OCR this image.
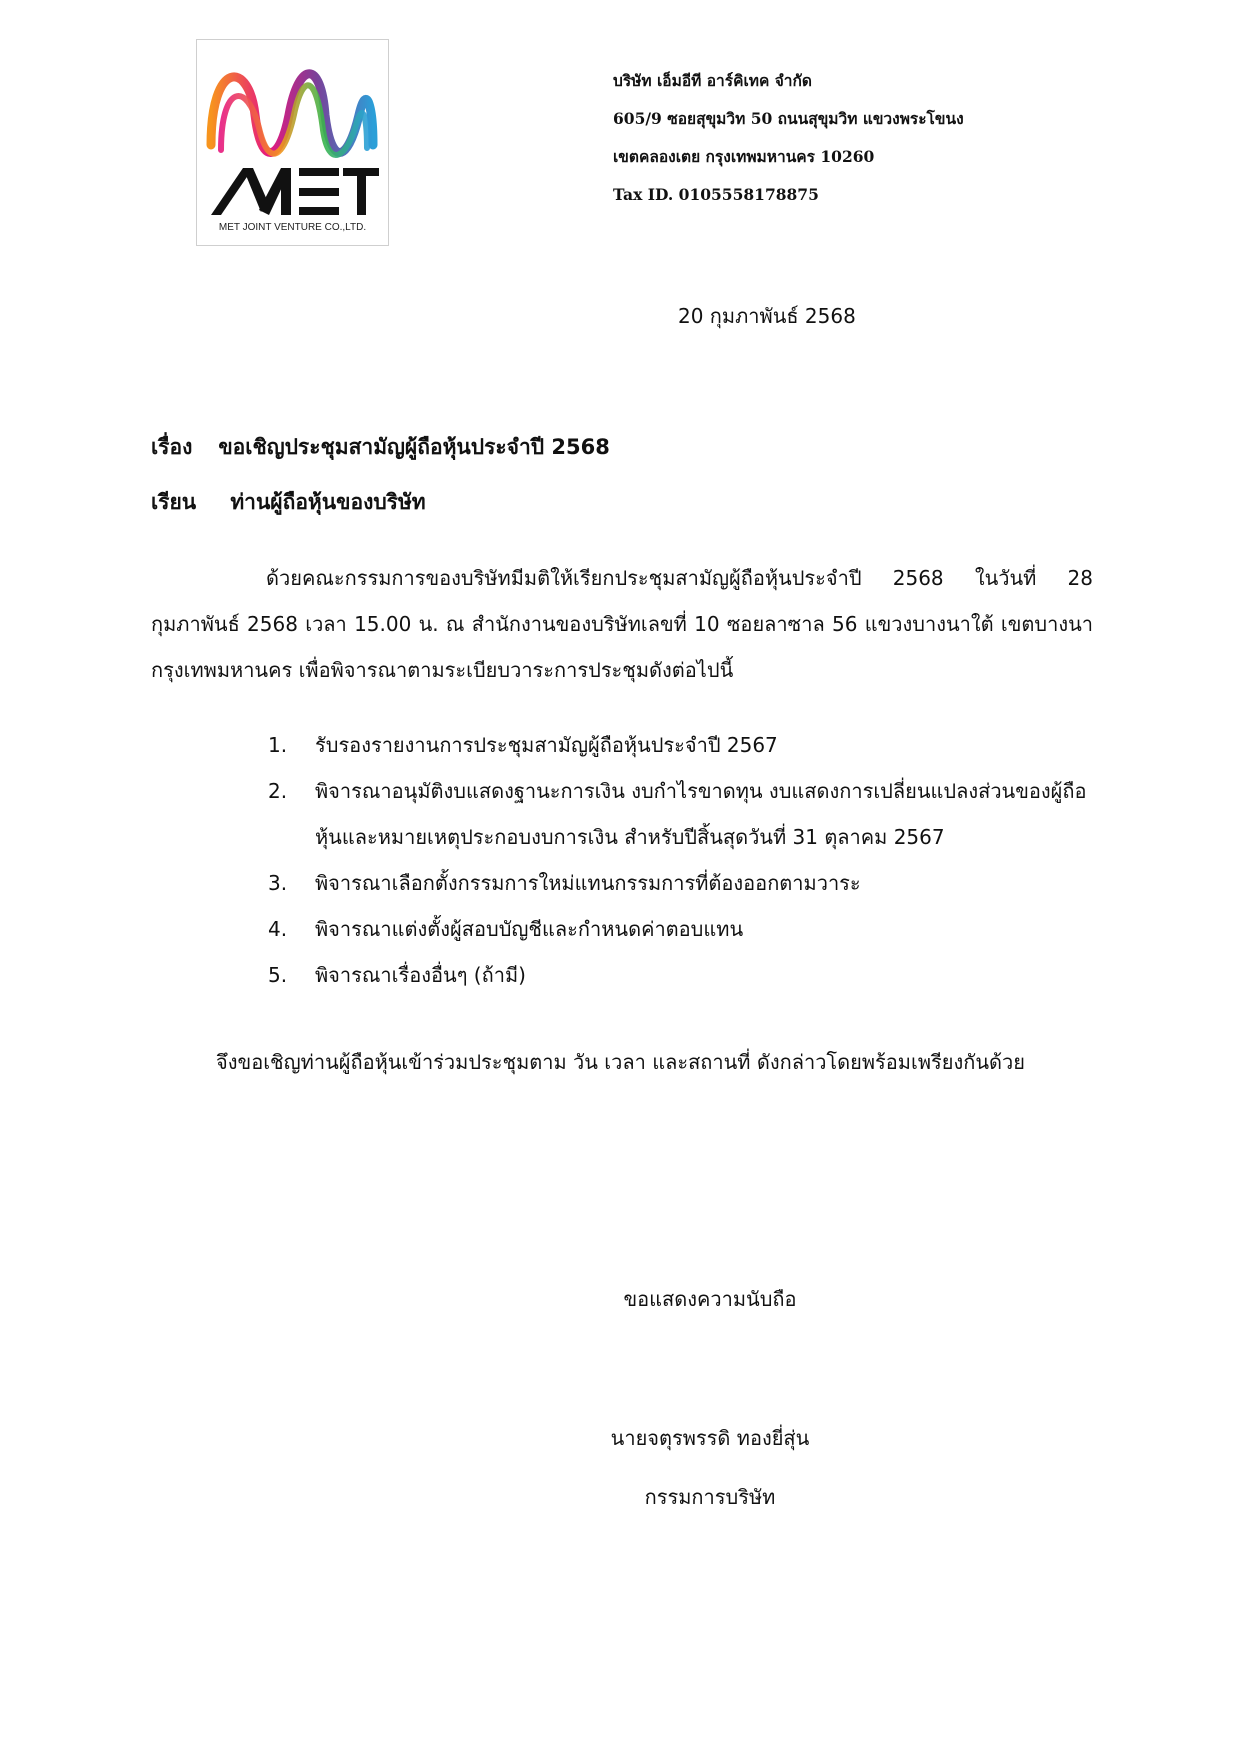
MET JOINT VENTURE CO.,LTD.
บริษัท เอ็มอีที อาร์คิเทค จำกัด
605/9 ซอยสุขุมวิท 50 ถนนสุขุมวิท แขวงพระโขนง
เขตคลองเตย กรุงเทพมหานคร 10260
Tax ID. 0105558178875
20 กุมภาพันธ์ 2568
เรื่อง ขอเชิญประชุมสามัญผู้ถือหุ้นประจำปี 2568
เรียน ท่านผู้ถือหุ้นของบริษัท
ด้วยคณะกรรมการของบริษัทมีมติให้เรียกประชุมสามัญผู้ถือหุ้นประจำปี 2568 ในวันที่ 28 กุมภาพันธ์ 2568 เวลา 15.00 น. ณ สำนักงานของบริษัทเลขที่ 10 ซอยลาซาล 56 แขวงบางนาใต้ เขตบางนา กรุงเทพมหานคร เพื่อพิจารณาตามระเบียบวาระการประชุมดังต่อไปนี้
1.	รับรองรายงานการประชุมสามัญผู้ถือหุ้นประจำปี 2567
2.	พิจารณาอนุมัติงบแสดงฐานะการเงิน งบกำไรขาดทุน งบแสดงการเปลี่ยนแปลงส่วนของผู้ถือหุ้นและหมายเหตุประกอบงบการเงิน สำหรับปีสิ้นสุดวันที่ 31 ตุลาคม 2567
3.	พิจารณาเลือกตั้งกรรมการใหม่แทนกรรมการที่ต้องออกตามวาระ
4.	พิจารณาแต่งตั้งผู้สอบบัญชีและกำหนดค่าตอบแทน
5.	พิจารณาเรื่องอื่นๆ (ถ้ามี)
จึงขอเชิญท่านผู้ถือหุ้นเข้าร่วมประชุมตาม วัน เวลา และสถานที่ ดังกล่าวโดยพร้อมเพรียงกันด้วย
ขอแสดงความนับถือ
นายจตุรพรรดิ ทองยี่สุ่น
กรรมการบริษัท
